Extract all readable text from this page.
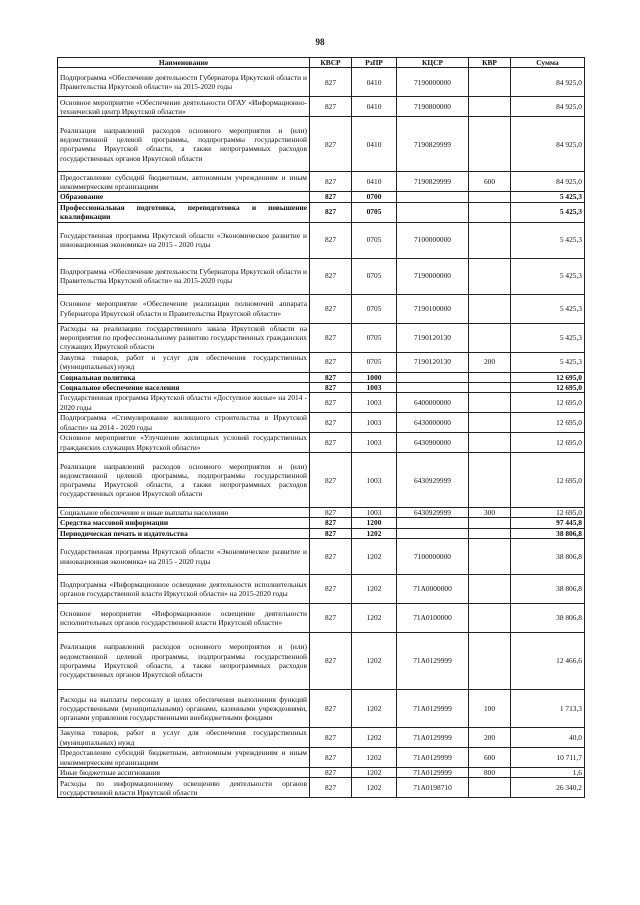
98
Наименование	КВСР	РзПР	КЦСР	КВР	Сумма
Подпрограмма «Обеспечение деятельности Губернатора Иркутской области и Правительства Иркутской области» на 2015-2020 годы	827	0410	7190000000		84 925,0
Основное мероприятие «Обеспечение деятельности ОГАУ «Информационно-технический центр Иркутской области»	827	0410	7190800000		84 925,0
Реализация направлений расходов основного мероприятия и (или) ведомственной целевой программы, подпрограммы государственной программы Иркутской области, а также непрограммных расходов государственных органов Иркутской области	827	0410	7190829999		84 925,0
Предоставление субсидий бюджетным, автономным учреждениям и иным некоммерческим организациям	827	0410	7190829999	600	84 925,0
Образование	827	0700			5 425,3
Профессиональная подготовка, переподготовка и повышение квалификации	827	0705			5 425,3
Государственная программа Иркутской области «Экономическое развитие и инновационная экономика» на 2015 - 2020 годы	827	0705	7100000000		5 425,3
Подпрограмма «Обеспечение деятельности Губернатора Иркутской области и Правительства Иркутской области» на 2015-2020 годы	827	0705	7190000000		5 425,3
Основное мероприятие «Обеспечение реализации полномочий аппарата Губернатора Иркутской области и Правительства Иркутской области»	827	0705	7190100000		5 425,3
Расходы на реализацию государственного заказа Иркутской области на мероприятия по профессиональному развитию государственных гражданских служащих Иркутской области	827	0705	7190120130		5 425,3
Закупка товаров, работ и услуг для обеспечения государственных (муниципальных) нужд	827	0705	7190120130	200	5 425,3
Социальная политика	827	1000			12 695,0
Социальное обеспечение населения	827	1003			12 695,0
Государственная программа Иркутской области «Доступное жилье» на 2014 - 2020 годы	827	1003	6400000000		12 695,0
Подпрограмма «Стимулирование жилищного строительства в Иркутской области» на 2014 - 2020 годы	827	1003	6430000000		12 695,0
Основное мероприятие «Улучшение жилищных условий государственных гражданских служащих Иркутской области»	827	1003	6430900000		12 695,0
Реализация направлений расходов основного мероприятия и (или) ведомственной целевой программы, подпрограммы государственной программы Иркутской области, а также непрограммных расходов государственных органов Иркутской области	827	1003	6430929999		12 695,0
Социальное обеспечение и иные выплаты населению	827	1003	6430929999	300	12 695,0
Средства массовой информации	827	1200			97 445,8
Периодическая печать и издательства	827	1202			38 806,8
Государственная программа Иркутской области «Экономическое развитие и инновационная экономика» на 2015 - 2020 годы	827	1202	7100000000		38 806,8
Подпрограмма «Информационное освещение деятельности исполнительных органов государственной власти Иркутской области» на 2015-2020 годы	827	1202	71А0000000		38 806,8
Основное мероприятие «Информационное освещение деятельности исполнительных органов государственной власти Иркутской области»	827	1202	71А0100000		38 806,8
Реализация направлений расходов основного мероприятия и (или) ведомственной целевой программы, подпрограммы государственной программы Иркутской области, а также непрограммных расходов государственных органов Иркутской области	827	1202	71А0129999		12 466,6
Расходы на выплаты персоналу в целях обеспечения выполнения функций государственными (муниципальными) органами, казенными учреждениями, органами управления государственными внебюджетными фондами	827	1202	71А0129999	100	1 713,3
Закупка товаров, работ и услуг для обеспечения государственных (муниципальных) нужд	827	1202	71А0129999	200	40,0
Предоставление субсидий бюджетным, автономным учреждениям и иным некоммерческим организациям	827	1202	71А0129999	600	10 711,7
Иные бюджетные ассигнования	827	1202	71А0129999	800	1,6
Расходы по информационному освещению деятельности органов государственной власти Иркутской области	827	1202	71А0198710		26 340,2
